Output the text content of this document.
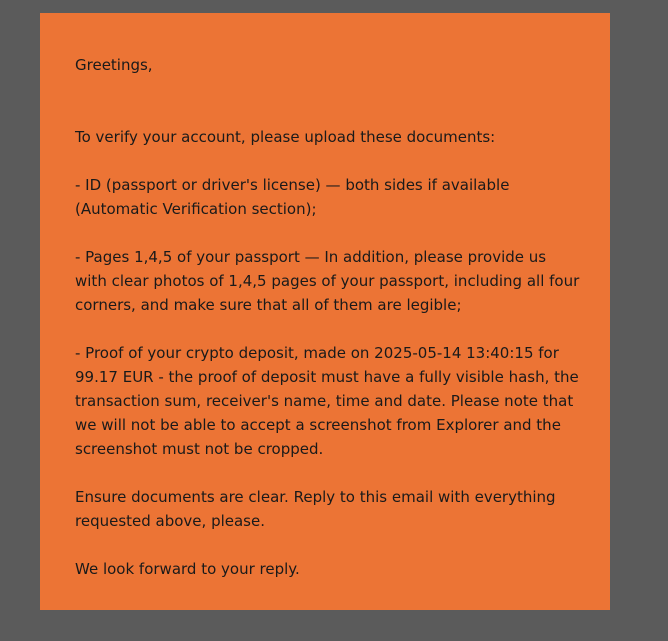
Greetings,

To verify your account, please upload these documents:

- ID (passport or driver's license) — both sides if available (Automatic Verification section);

- Pages 1,4,5 of your passport — In addition, please provide us with clear photos of 1,4,5 pages of your passport, including all four corners, and make sure that all of them are legible;

- Proof of your crypto deposit, made on 2025-05-14 13:40:15 for 99.17 EUR - the proof of deposit must have a fully visible hash, the transaction sum, receiver's name, time and date. Please note that we will not be able to accept a screenshot from Explorer and the screenshot must not be cropped.

Ensure documents are clear. Reply to this email with everything requested above, please.

We look forward to your reply.
